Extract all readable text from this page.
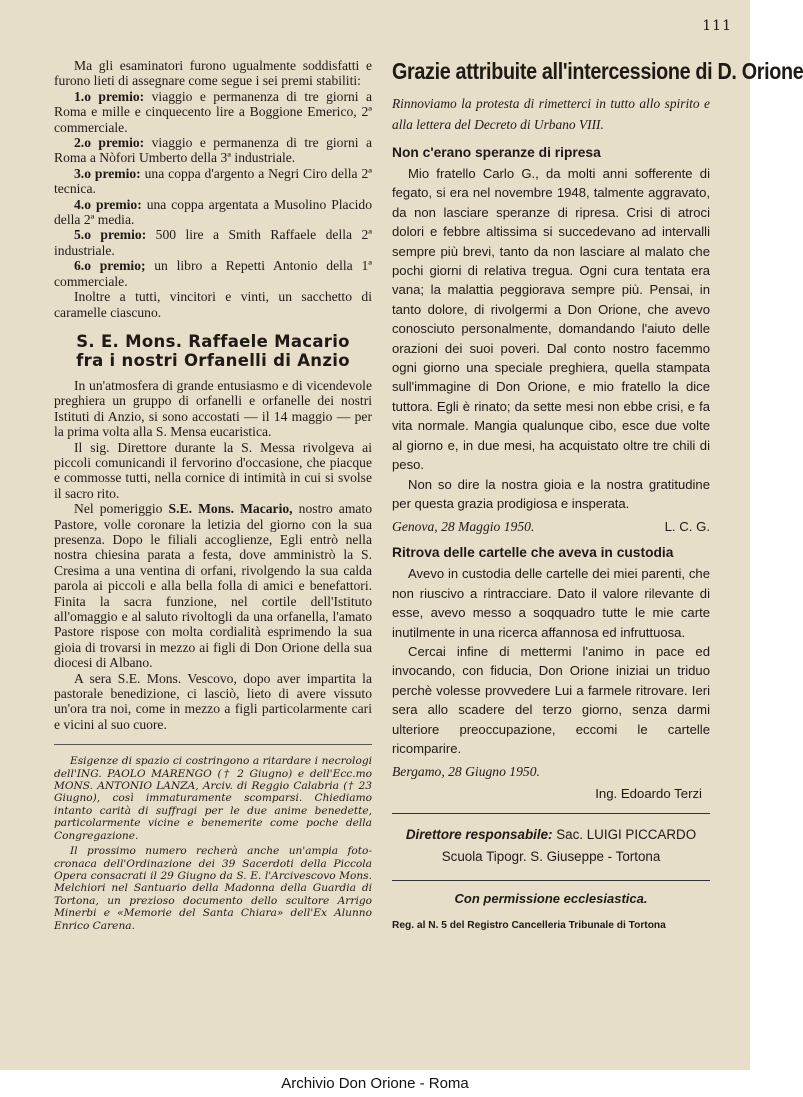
111

Ma gli esaminatori furono ugualmente soddisfatti e furono lieti di assegnare come segue i sei premi stabiliti:

1.o premio: viaggio e permanenza di tre giorni a Roma e mille e cinquecento lire a Boggione Emerico, 2ª commerciale.

2.o premio: viaggio e permanenza di tre giorni a Roma a Nòfori Umberto della 3ª industriale.

3.o premio: una coppa d'argento a Negri Ciro della 2ª tecnica.

4.o premio: una coppa argentata a Musolino Placido della 2ª media.

5.o premio: 500 lire a Smith Raffaele della 2ª industriale.

6.o premio; un libro a Repetti Antonio della 1ª commerciale.

Inoltre a tutti, vincitori e vinti, un sacchetto di caramelle ciascuno.

S. E. Mons. Raffaele Macario
fra i nostri Orfanelli di Anzio

In un'atmosfera di grande entusiasmo e di vicendevole preghiera un gruppo di orfanelli e orfanelle dei nostri Istituti di Anzio, si sono accostati — il 14 maggio — per la prima volta alla S. Mensa eucaristica.

Il sig. Direttore durante la S. Messa rivolgeva ai piccoli comunicandi il fervorino d'occasione, che piacque e commosse tutti, nella cornice di intimità in cui si svolse il sacro rito.

Nel pomeriggio S.E. Mons. Macario, nostro amato Pastore, volle coronare la letizia del giorno con la sua presenza. Dopo le filiali accoglienze, Egli entrò nella nostra chiesina parata a festa, dove amministrò la S. Cresima a una ventina di orfani, rivolgendo la sua calda parola ai piccoli e alla bella folla di amici e benefattori. Finita la sacra funzione, nel cortile dell'Istituto all'omaggio e al saluto rivoltogli da una orfanella, l'amato Pastore rispose con molta cordialità esprimendo la sua gioia di trovarsi in mezzo ai figli di Don Orione della sua diocesi di Albano.

A sera S.E. Mons. Vescovo, dopo aver impartita la pastorale benedizione, ci lasciò, lieto di avere vissuto un'ora tra noi, come in mezzo a figli particolarmente cari e vicini al suo cuore.

Esigenze di spazio ci costringono a ritardare i necrologi dell'ING. PAOLO MARENGO († 2 Giugno) e dell'Ecc.mo MONS. ANTONIO LANZA, Arciv. di Reggio Calabria († 23 Giugno), così immaturamente scomparsi. Chiediamo intanto carità di suffragi per le due anime benedette, particolarmente vicine e benemerite come poche della Congregazione.

Il prossimo numero recherà anche un'ampia foto-cronaca dell'Ordinazione dei 39 Sacerdoti della Piccola Opera consacrati il 29 Giugno da S. E. l'Arcivescovo Mons. Melchiori nel Santuario della Madonna della Guardia di Tortona, un prezioso documento dello scultore Arrigo Minerbi e «Memorie del Santa Chiara» dell'Ex Alunno Enrico Carena.

Grazie attribuite all'intercessione di D. Orione

Rinnoviamo la protesta di rimetterci in tutto allo spirito e alla lettera del Decreto di Urbano VIII.

Non c'erano speranze di ripresa

Mio fratello Carlo G., da molti anni sofferente di fegato, si era nel novembre 1948, talmente aggravato, da non lasciare speranze di ripresa. Crisi di atroci dolori e febbre altissima si succedevano ad intervalli sempre più brevi, tanto da non lasciare al malato che pochi giorni di relativa tregua. Ogni cura tentata era vana; la malattia peggiorava sempre più. Pensai, in tanto dolore, di rivolgermi a Don Orione, che avevo conosciuto personalmente, domandando l'aiuto delle orazioni dei suoi poveri. Dal conto nostro facemmo ogni giorno una speciale preghiera, quella stampata sull'immagine di Don Orione, e mio fratello la dice tuttora. Egli è rinato; da sette mesi non ebbe crisi, e fa vita normale. Mangia qualunque cibo, esce due volte al giorno e, in due mesi, ha acquistato oltre tre chili di peso.

Non so dire la nostra gioia e la nostra gratitudine per questa grazia prodigiosa e insperata.

Genova, 28 Maggio 1950.	L. C. G.
Ritrova delle cartelle che aveva in custodia

Avevo in custodia delle cartelle dei miei parenti, che non riuscivo a rintracciare. Dato il valore rilevante di esse, avevo messo a soqquadro tutte le mie carte inutilmente in una ricerca affannosa ed infruttuosa.

Cercai infine di mettermi l'animo in pace ed invocando, con fiducia, Don Orione iniziai un triduo perchè volesse provvedere Lui a farmele ritrovare. Ieri sera allo scadere del terzo giorno, senza darmi ulteriore preoccupazione, eccomi le cartelle ricomparire.

Bergamo, 28 Giugno 1950.
Ing. Edoardo Terzi
Direttore responsabile: Sac. LUIGI PICCARDO
Scuola Tipogr. S. Giuseppe - Tortona
Con permissione ecclesiastica.
Reg. al N. 5 del Registro Cancelleria Tribunale di Tortona
Archivio Don Orione - Roma
